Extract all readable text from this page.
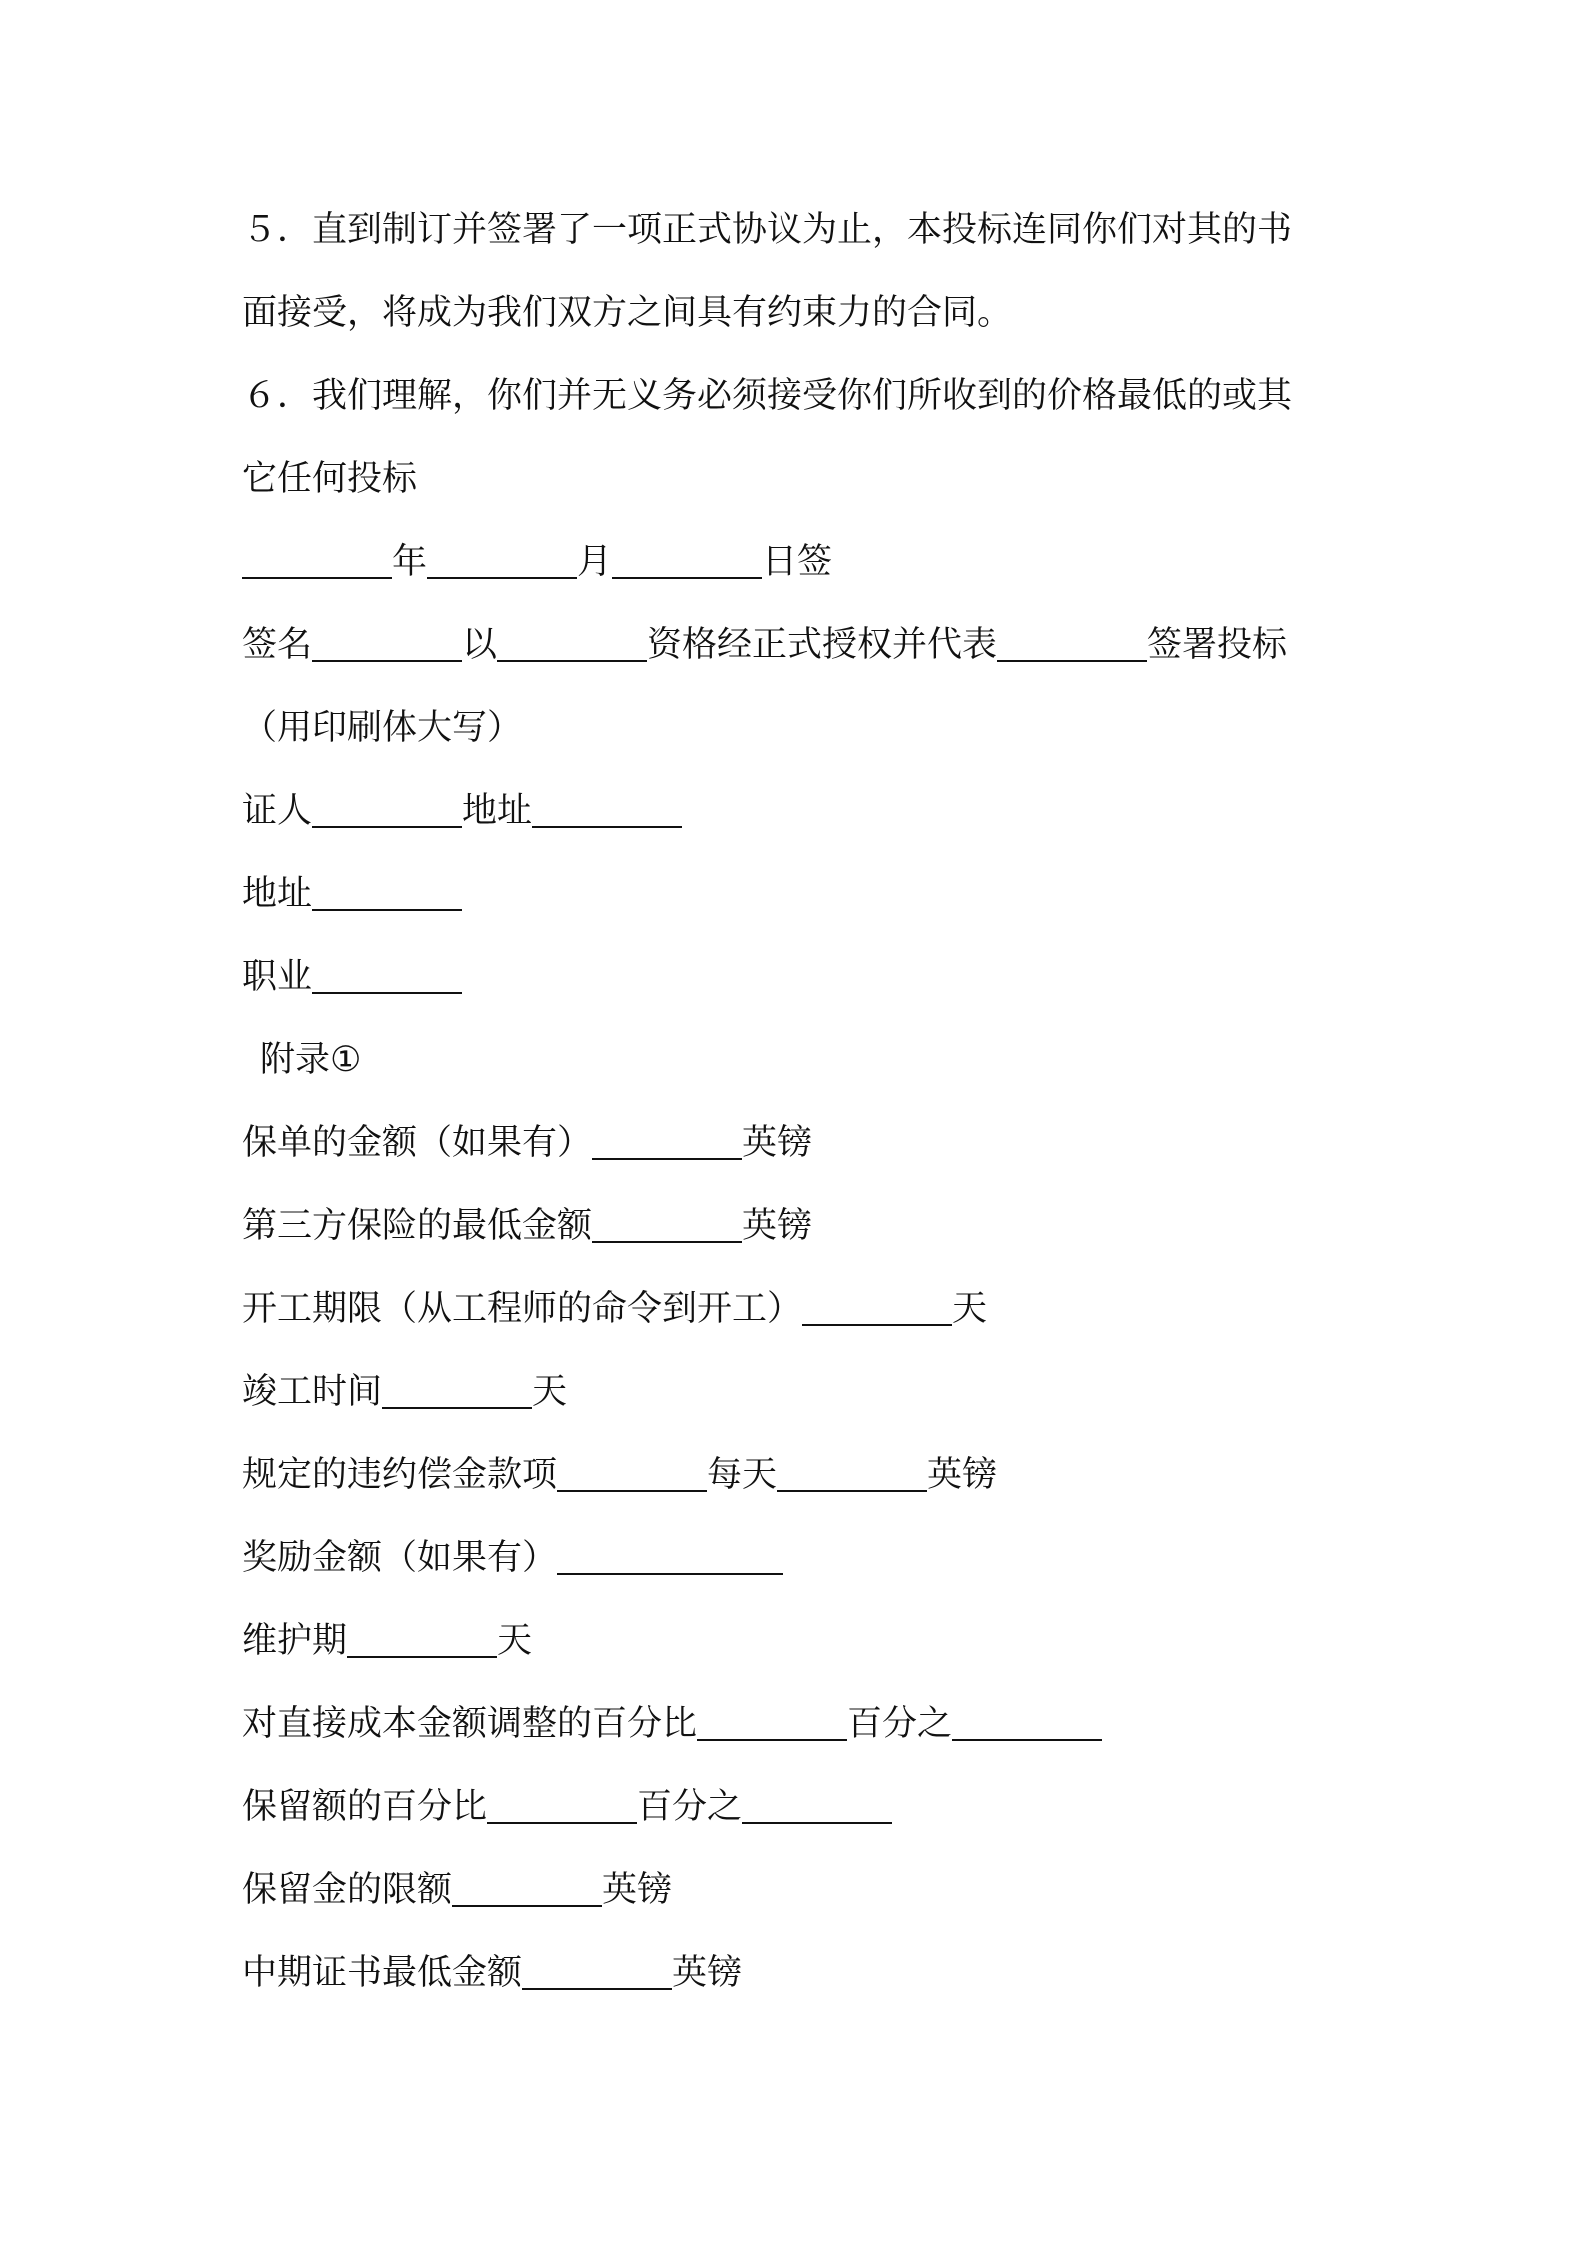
５．直到制订并签署了一项正式协议为止，本投标连同你们对其的书
面接受，将成为我们双方之间具有约束力的合同。
６．我们理解，你们并无义务必须接受你们所收到的价格最低的或其
它任何投标
年	月	日签
签名	以	资格经正式授权并代表	签署投标
（用印刷体大写）
证人	地址
地址
职业
附录①
保单的金额（如果有）	英镑
第三方保险的最低金额	英镑
开工期限（从工程师的命令到开工）	天
竣工时间	天
规定的违约偿金款项	每天	英镑
奖励金额（如果有）
维护期	天
对直接成本金额调整的百分比	百分之
保留额的百分比	百分之
保留金的限额	英镑
中期证书最低金额	英镑
